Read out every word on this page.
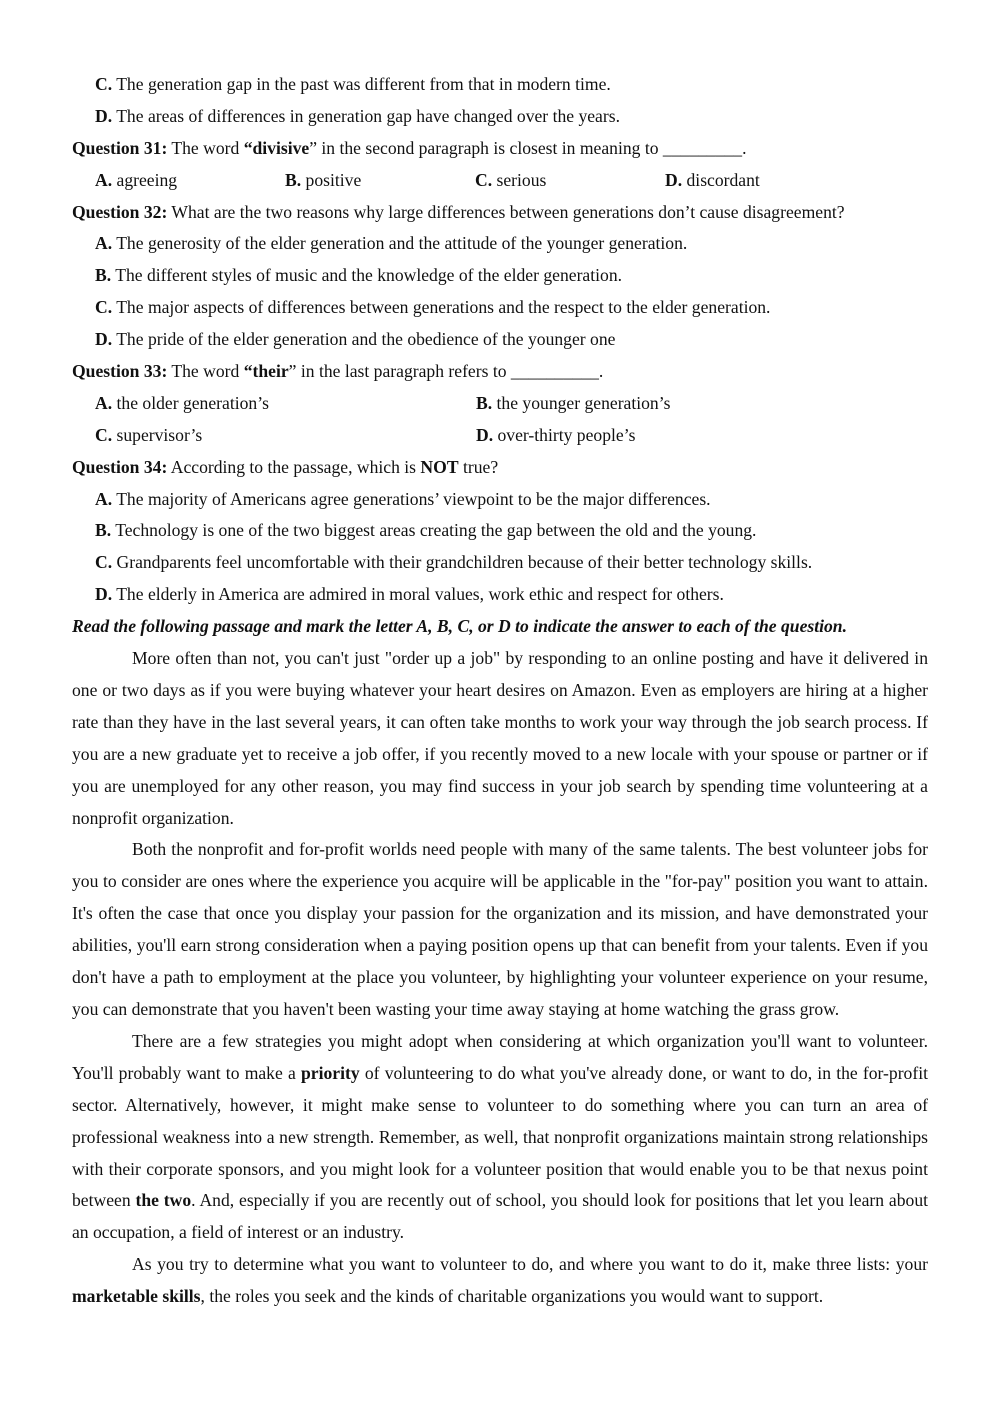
C. The generation gap in the past was different from that in modern time.
D. The areas of differences in generation gap have changed over the years.
Question 31: The word “divisive” in the second paragraph is closest in meaning to _________.
A. agreeing	B. positive	C. serious	D. discordant
Question 32: What are the two reasons why large differences between generations don’t cause disagreement?
A. The generosity of the elder generation and the attitude of the younger generation.
B. The different styles of music and the knowledge of the elder generation.
C. The major aspects of differences between generations and the respect to the elder generation.
D. The pride of the elder generation and the obedience of the younger one
Question 33: The word “their” in the last paragraph refers to __________.
A. the older generation’s	B. the younger generation’s
C. supervisor’s	D. over-thirty people’s
Question 34: According to the passage, which is NOT true?
A. The majority of Americans agree generations’ viewpoint to be the major differences.
B. Technology is one of the two biggest areas creating the gap between the old and the young.
C. Grandparents feel uncomfortable with their grandchildren because of their better technology skills.
D. The elderly in America are admired in moral values, work ethic and respect for others.
Read the following passage and mark the letter A, B, C, or D to indicate the answer to each of the question.

More often than not, you can't just "order up a job" by responding to an online posting and have it delivered in one or two days as if you were buying whatever your heart desires on Amazon. Even as employers are hiring at a higher rate than they have in the last several years, it can often take months to work your way through the job search process. If you are a new graduate yet to receive a job offer, if you recently moved to a new locale with your spouse or partner or if you are unemployed for any other reason, you may find success in your job search by spending time volunteering at a nonprofit organization.

Both the nonprofit and for-profit worlds need people with many of the same talents. The best volunteer jobs for you to consider are ones where the experience you acquire will be applicable in the "for-pay" position you want to attain. It's often the case that once you display your passion for the organization and its mission, and have demonstrated your abilities, you'll earn strong consideration when a paying position opens up that can benefit from your talents. Even if you don't have a path to employment at the place you volunteer, by highlighting your volunteer experience on your resume, you can demonstrate that you haven't been wasting your time away staying at home watching the grass grow.

There are a few strategies you might adopt when considering at which organization you'll want to volunteer. You'll probably want to make a priority of volunteering to do what you've already done, or want to do, in the for-profit sector. Alternatively, however, it might make sense to volunteer to do something where you can turn an area of professional weakness into a new strength. Remember, as well, that nonprofit organizations maintain strong relationships with their corporate sponsors, and you might look for a volunteer position that would enable you to be that nexus point between the two. And, especially if you are recently out of school, you should look for positions that let you learn about an occupation, a field of interest or an industry.

As you try to determine what you want to volunteer to do, and where you want to do it, make three lists: your marketable skills, the roles you seek and the kinds of charitable organizations you would want to support.
